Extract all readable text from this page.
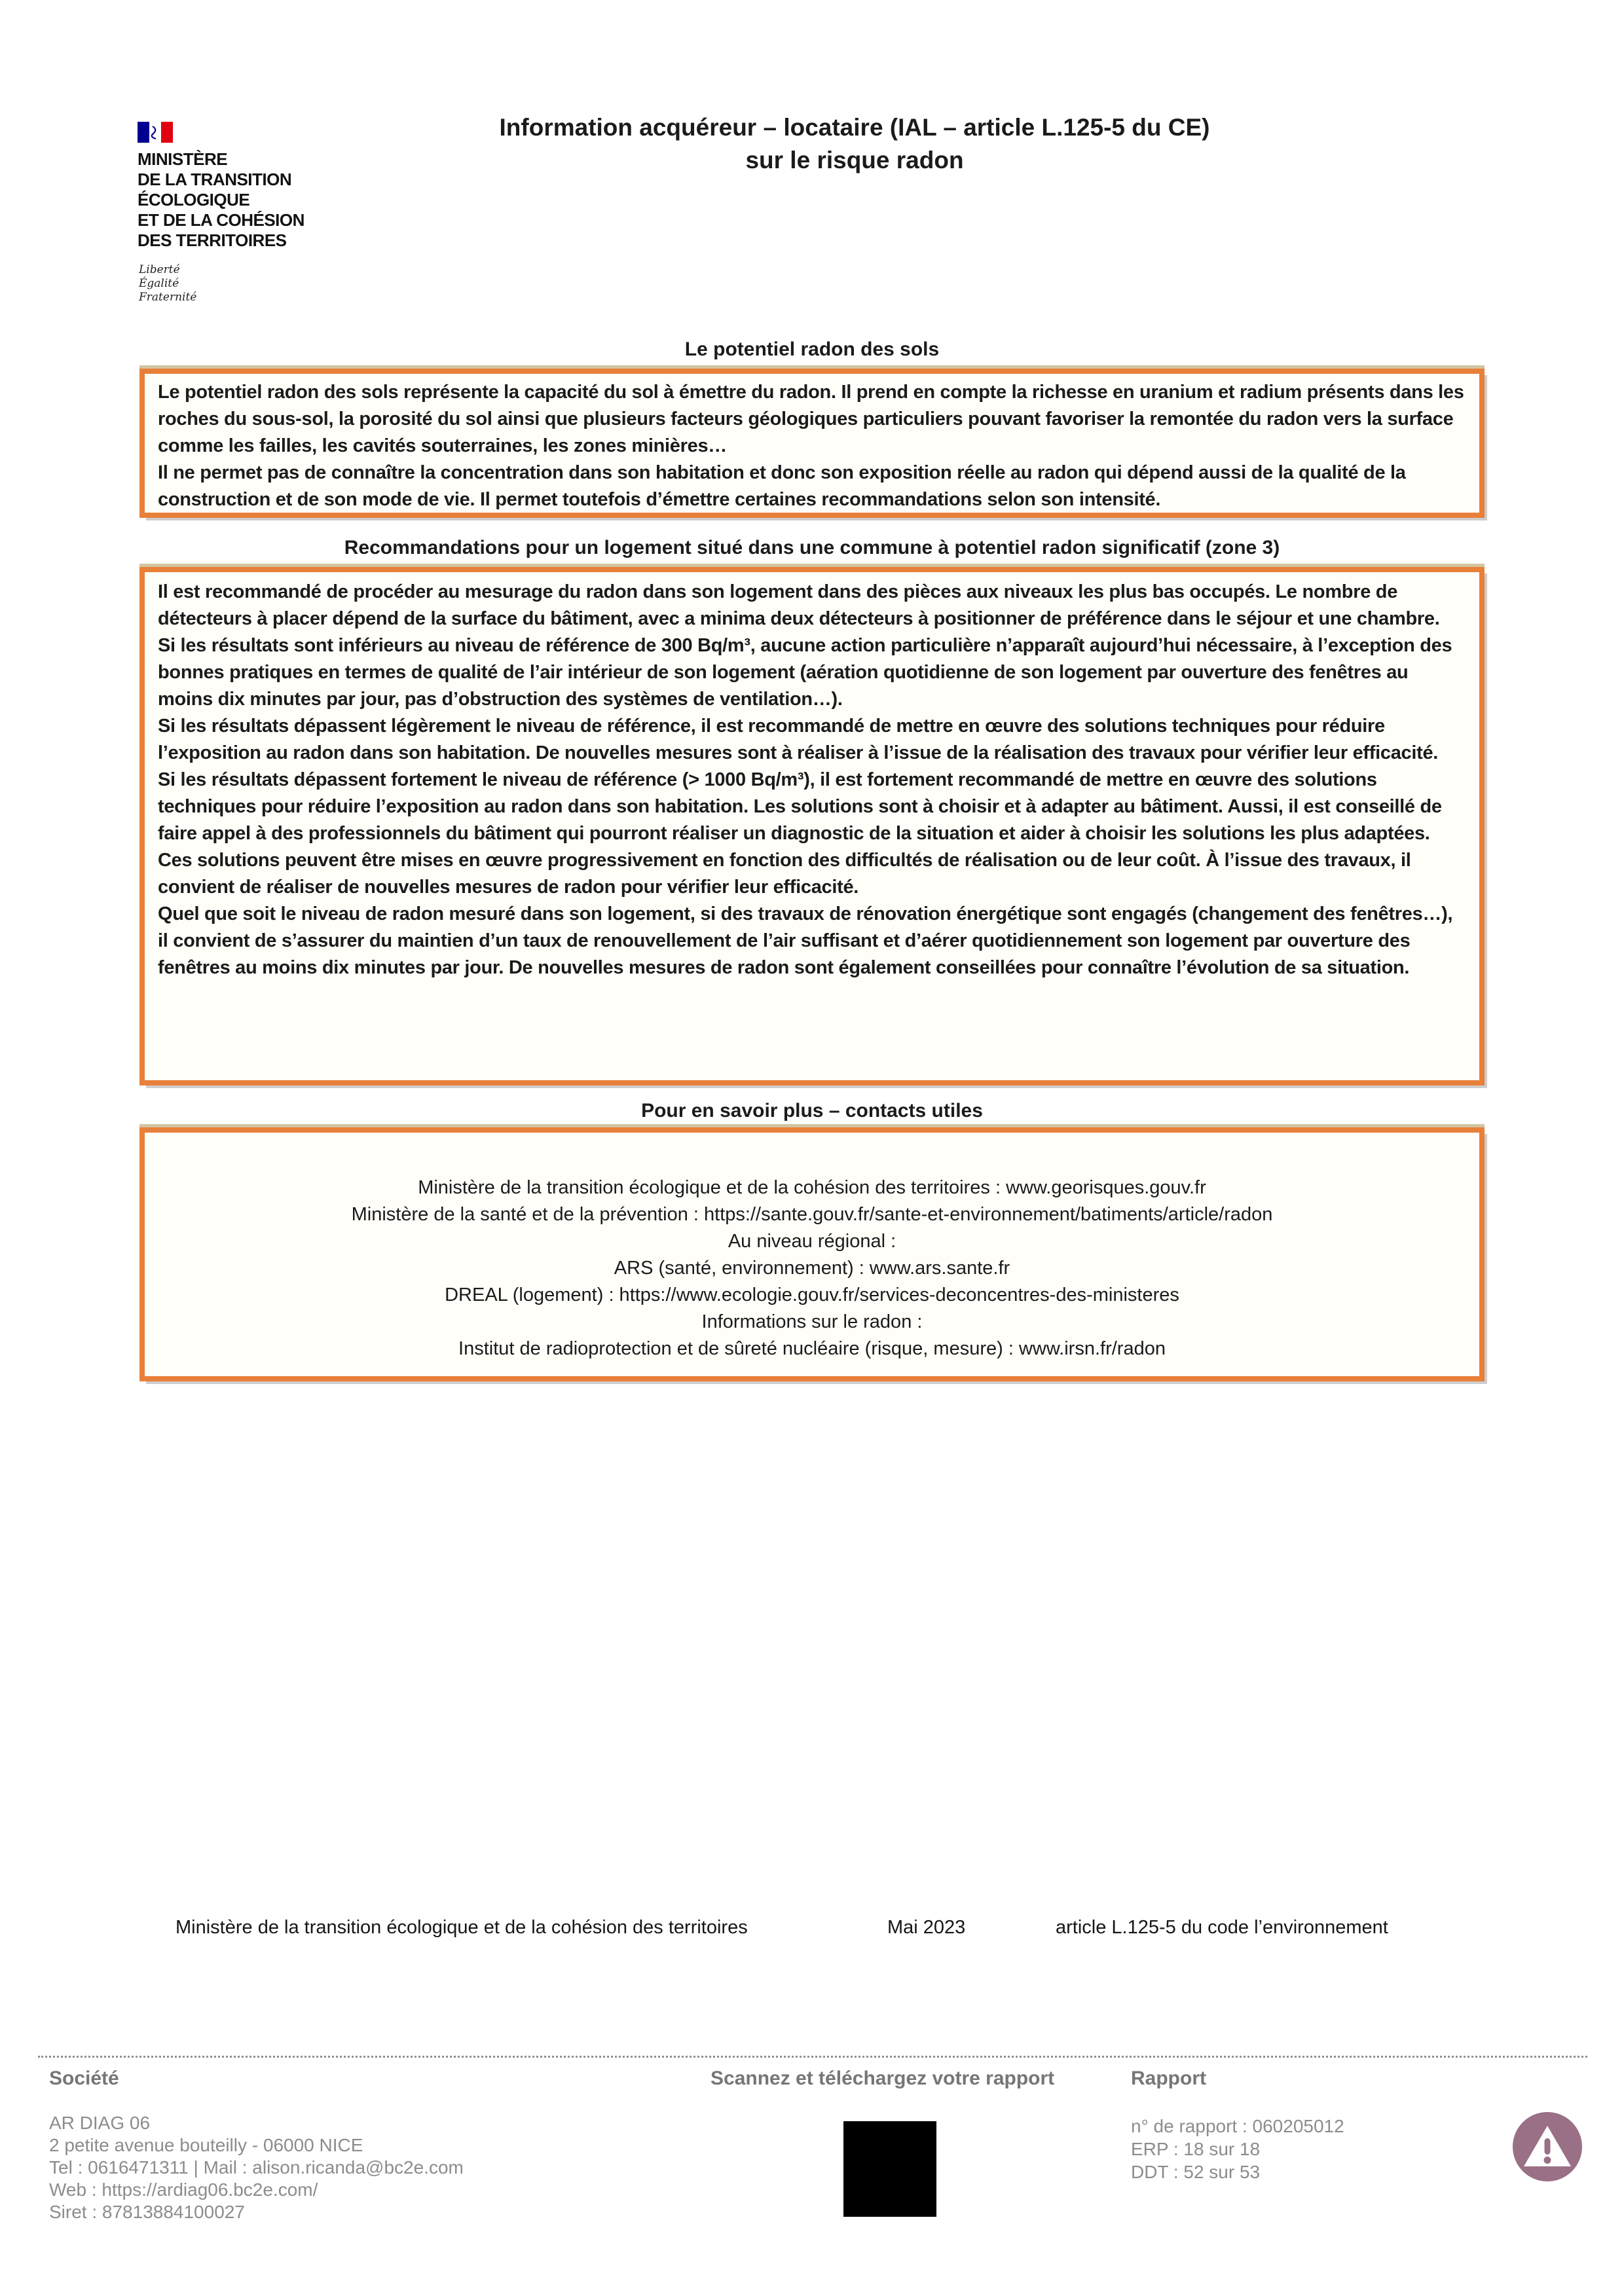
MINISTÈRE
DE LA TRANSITION
ÉCOLOGIQUE
ET DE LA COHÉSION
DES TERRITOIRES
Liberté
Égalité
Fraternité
Information acquéreur – locataire (IAL – article L.125-5 du CE)
sur le risque radon
Le potentiel radon des sols

Le potentiel radon des sols représente la capacité du sol à émettre du radon. Il prend en compte la richesse en uranium et radium présents dans les roches du sous-sol, la porosité du sol ainsi que plusieurs facteurs géologiques particuliers pouvant favoriser la remontée du radon vers la surface comme les failles, les cavités souterraines, les zones minières…

Il ne permet pas de connaître la concentration dans son habitation et donc son exposition réelle au radon qui dépend aussi de la qualité de la construction et de son mode de vie. Il permet toutefois d’émettre certaines recommandations selon son intensité.

Recommandations pour un logement situé dans une commune à potentiel radon significatif (zone 3)

Il est recommandé de procéder au mesurage du radon dans son logement dans des pièces aux niveaux les plus bas occupés. Le nombre de détecteurs à placer dépend de la surface du bâtiment, avec a minima deux détecteurs à positionner de préférence dans le séjour et une chambre.

Si les résultats sont inférieurs au niveau de référence de 300 Bq/m³, aucune action particulière n’apparaît aujourd’hui nécessaire, à l’exception des bonnes pratiques en termes de qualité de l’air intérieur de son logement (aération quotidienne de son logement par ouverture des fenêtres au moins dix minutes par jour, pas d’obstruction des systèmes de ventilation…).

Si les résultats dépassent légèrement le niveau de référence, il est recommandé de mettre en œuvre des solutions techniques pour réduire l’exposition au radon dans son habitation. De nouvelles mesures sont à réaliser à l’issue de la réalisation des travaux pour vérifier leur efficacité.

Si les résultats dépassent fortement le niveau de référence (> 1000 Bq/m³), il est fortement recommandé de mettre en œuvre des solutions techniques pour réduire l’exposition au radon dans son habitation. Les solutions sont à choisir et à adapter au bâtiment. Aussi, il est conseillé de faire appel à des professionnels du bâtiment qui pourront réaliser un diagnostic de la situation et aider à choisir les solutions les plus adaptées. Ces solutions peuvent être mises en œuvre progressivement en fonction des difficultés de réalisation ou de leur coût. À l’issue des travaux, il convient de réaliser de nouvelles mesures de radon pour vérifier leur efficacité.

Quel que soit le niveau de radon mesuré dans son logement, si des travaux de rénovation énergétique sont engagés (changement des fenêtres…), il convient de s’assurer du maintien d’un taux de renouvellement de l’air suffisant et d’aérer quotidiennement son logement par ouverture des fenêtres au moins dix minutes par jour. De nouvelles mesures de radon sont également conseillées pour connaître l’évolution de sa situation.

Pour en savoir plus – contacts utiles

Ministère de la transition écologique et de la cohésion des territoires : www.georisques.gouv.fr

Ministère de la santé et de la prévention : https://sante.gouv.fr/sante-et-environnement/batiments/article/radon

Au niveau régional :

ARS (santé, environnement) : www.ars.sante.fr

DREAL (logement) : https://www.ecologie.gouv.fr/services-deconcentres-des-ministeres

Informations sur le radon :

Institut de radioprotection et de sûreté nucléaire (risque, mesure) : www.irsn.fr/radon

Ministère de la transition écologique et de la cohésion des territoires	Mai 2023	article L.125-5 du code l’environnement
Société
AR DIAG 06
2 petite avenue bouteilly - 06000 NICE
Tel : 0616471311 | Mail : alison.ricanda@bc2e.com
Web : https://ardiag06.bc2e.com/
Siret : 87813884100027
Scannez et téléchargez votre rapport	Rapport
n° de rapport : 060205012
ERP : 18 sur 18
DDT : 52 sur 53
